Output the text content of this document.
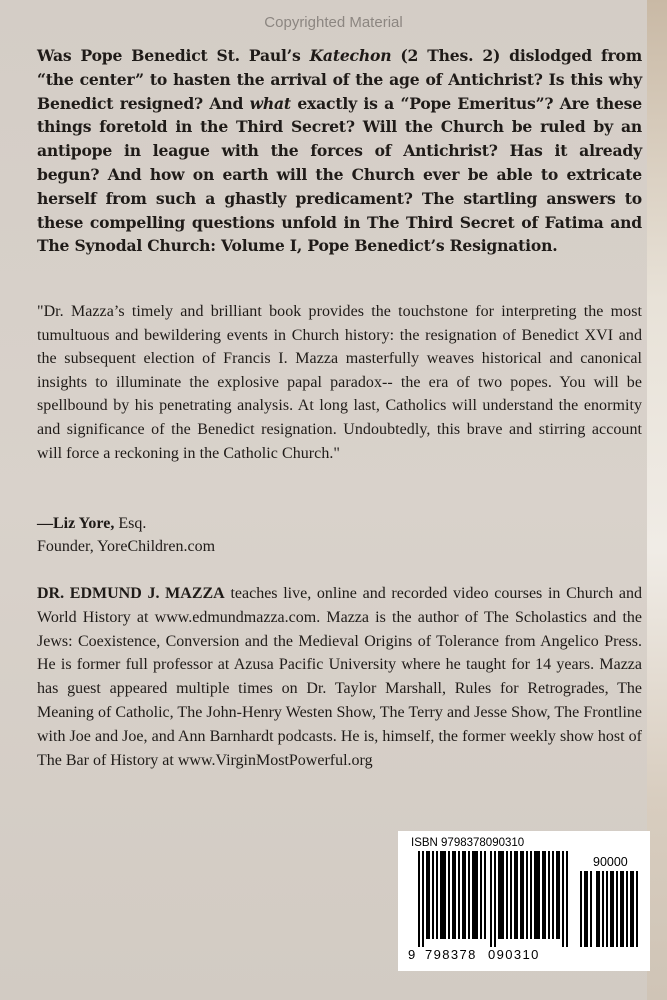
Copyrighted Material
Was Pope Benedict St. Paul’s Katechon (2 Thes. 2) dislodged from “the center” to hasten the arrival of the age of Antichrist? Is this why Benedict resigned? And what exactly is a “Pope Emeritus”? Are these things foretold in the Third Secret? Will the Church be ruled by an antipope in league with the forces of Antichrist? Has it already begun? And how on earth will the Church ever be able to extricate herself from such a ghastly predicament? The startling answers to these compelling questions unfold in The Third Secret of Fatima and The Synodal Church: Volume I, Pope Benedict’s Resignation.
"Dr. Mazza’s timely and brilliant book provides the touchstone for interpreting the most tumultuous and bewildering events in Church history: the resignation of Benedict XVI and the subsequent election of Francis I. Mazza masterfully weaves historical and canonical insights to illuminate the explosive papal paradox-- the era of two popes. You will be spellbound by his penetrating analysis. At long last, Catholics will understand the enormity and significance of the Benedict resignation. Undoubtedly, this brave and stirring account will force a reckoning in the Catholic Church."
—Liz Yore, Esq.
Founder, YoreChildren.com
DR. EDMUND J. MAZZA teaches live, online and recorded video courses in Church and World History at www.edmundmazza.com. Mazza is the author of The Scholastics and the Jews: Coexistence, Conversion and the Medieval Origins of Tolerance from Angelico Press. He is former full professor at Azusa Pacific University where he taught for 14 years. Mazza has guest appeared multiple times on Dr. Taylor Marshall, Rules for Retrogrades, The Meaning of Catholic, The John-Henry Westen Show, The Terry and Jesse Show, The Frontline with Joe and Joe, and Ann Barnhardt podcasts. He is, himself, the former weekly show host of The Bar of History at www.VirginMostPowerful.org
ISBN 9798378090310
90000
9 798378 090310
